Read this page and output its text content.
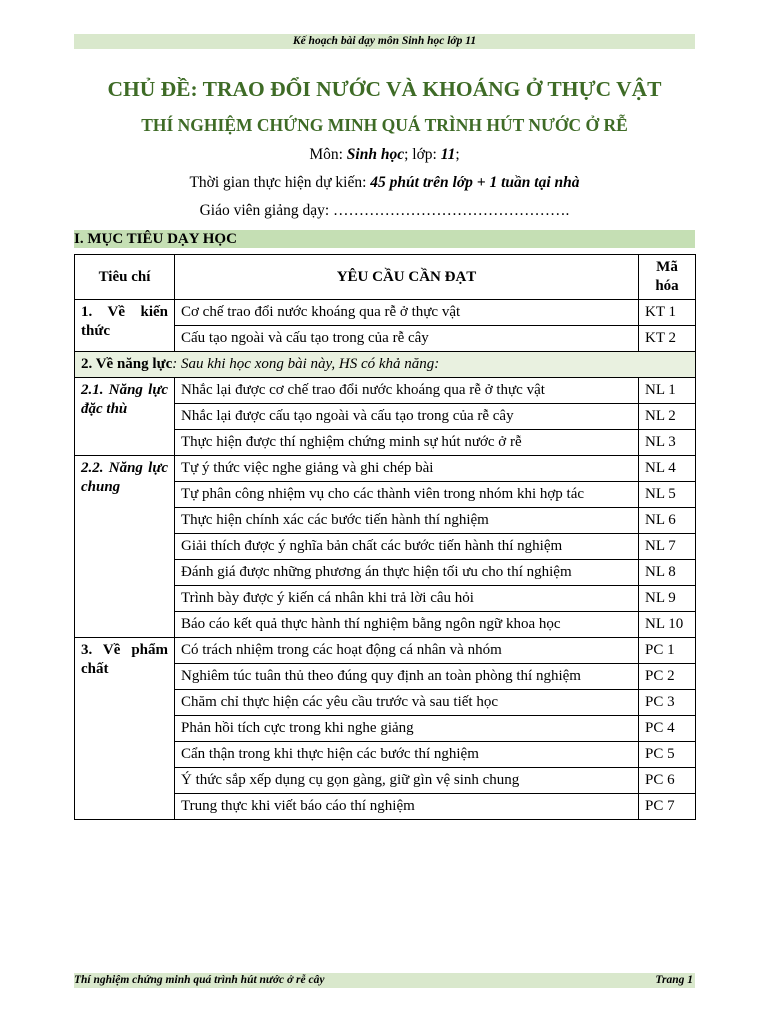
Kế hoạch bài dạy môn Sinh học lớp 11
CHỦ ĐỀ: TRAO ĐỔI NƯỚC VÀ KHOÁNG Ở THỰC VẬT
THÍ NGHIỆM CHỨNG MINH QUÁ TRÌNH HÚT NƯỚC Ở RỄ
Môn: Sinh học; lớp: 11;
Thời gian thực hiện dự kiến: 45 phút trên lớp + 1 tuần tại nhà
Giáo viên giảng dạy: ……………………………………….
I. MỤC TIÊU DẠY HỌC
Tiêu chí	YÊU CẦU CẦN ĐẠT	Mã hóa
1. Về kiến thức	Cơ chế trao đổi nước khoáng qua rễ ở thực vật	KT 1
	Cấu tạo ngoài và cấu tạo trong của rễ cây	KT 2
2. Về năng lực: Sau khi học xong bài này, HS có khả năng:		
2.1. Năng lực đặc thù	Nhắc lại được cơ chế trao đổi nước khoáng qua rễ ở thực vật	NL 1
	Nhắc lại được cấu tạo ngoài và cấu tạo trong của rễ cây	NL 2
	Thực hiện được thí nghiệm chứng minh sự hút nước ở rễ	NL 3
2.2. Năng lực chung	Tự ý thức việc nghe giảng và ghi chép bài	NL 4
	Tự phân công nhiệm vụ cho các thành viên trong nhóm khi hợp tác	NL 5
	Thực hiện chính xác các bước tiến hành thí nghiệm	NL 6
	Giải thích được ý nghĩa bản chất các bước tiến hành thí nghiệm	NL 7
	Đánh giá được những phương án thực hiện tối ưu cho thí nghiệm	NL 8
	Trình bày được ý kiến cá nhân khi trả lời câu hỏi	NL 9
	Báo cáo kết quả thực hành thí nghiệm bằng ngôn ngữ khoa học	NL 10
3. Về phẩm chất	Có trách nhiệm trong các hoạt động cá nhân và nhóm	PC 1
	Nghiêm túc tuân thủ theo đúng quy định an toàn phòng thí nghiệm	PC 2
	Chăm chỉ thực hiện các yêu cầu trước và sau tiết học	PC 3
	Phản hồi tích cực trong khi nghe giảng	PC 4
	Cẩn thận trong khi thực hiện các bước thí nghiệm	PC 5
	Ý thức sắp xếp dụng cụ gọn gàng, giữ gìn vệ sinh chung	PC 6
	Trung thực khi viết báo cáo thí nghiệm	PC 7
Thí nghiệm chứng minh quá trình hút nước ở rễ cây	Trang 1
